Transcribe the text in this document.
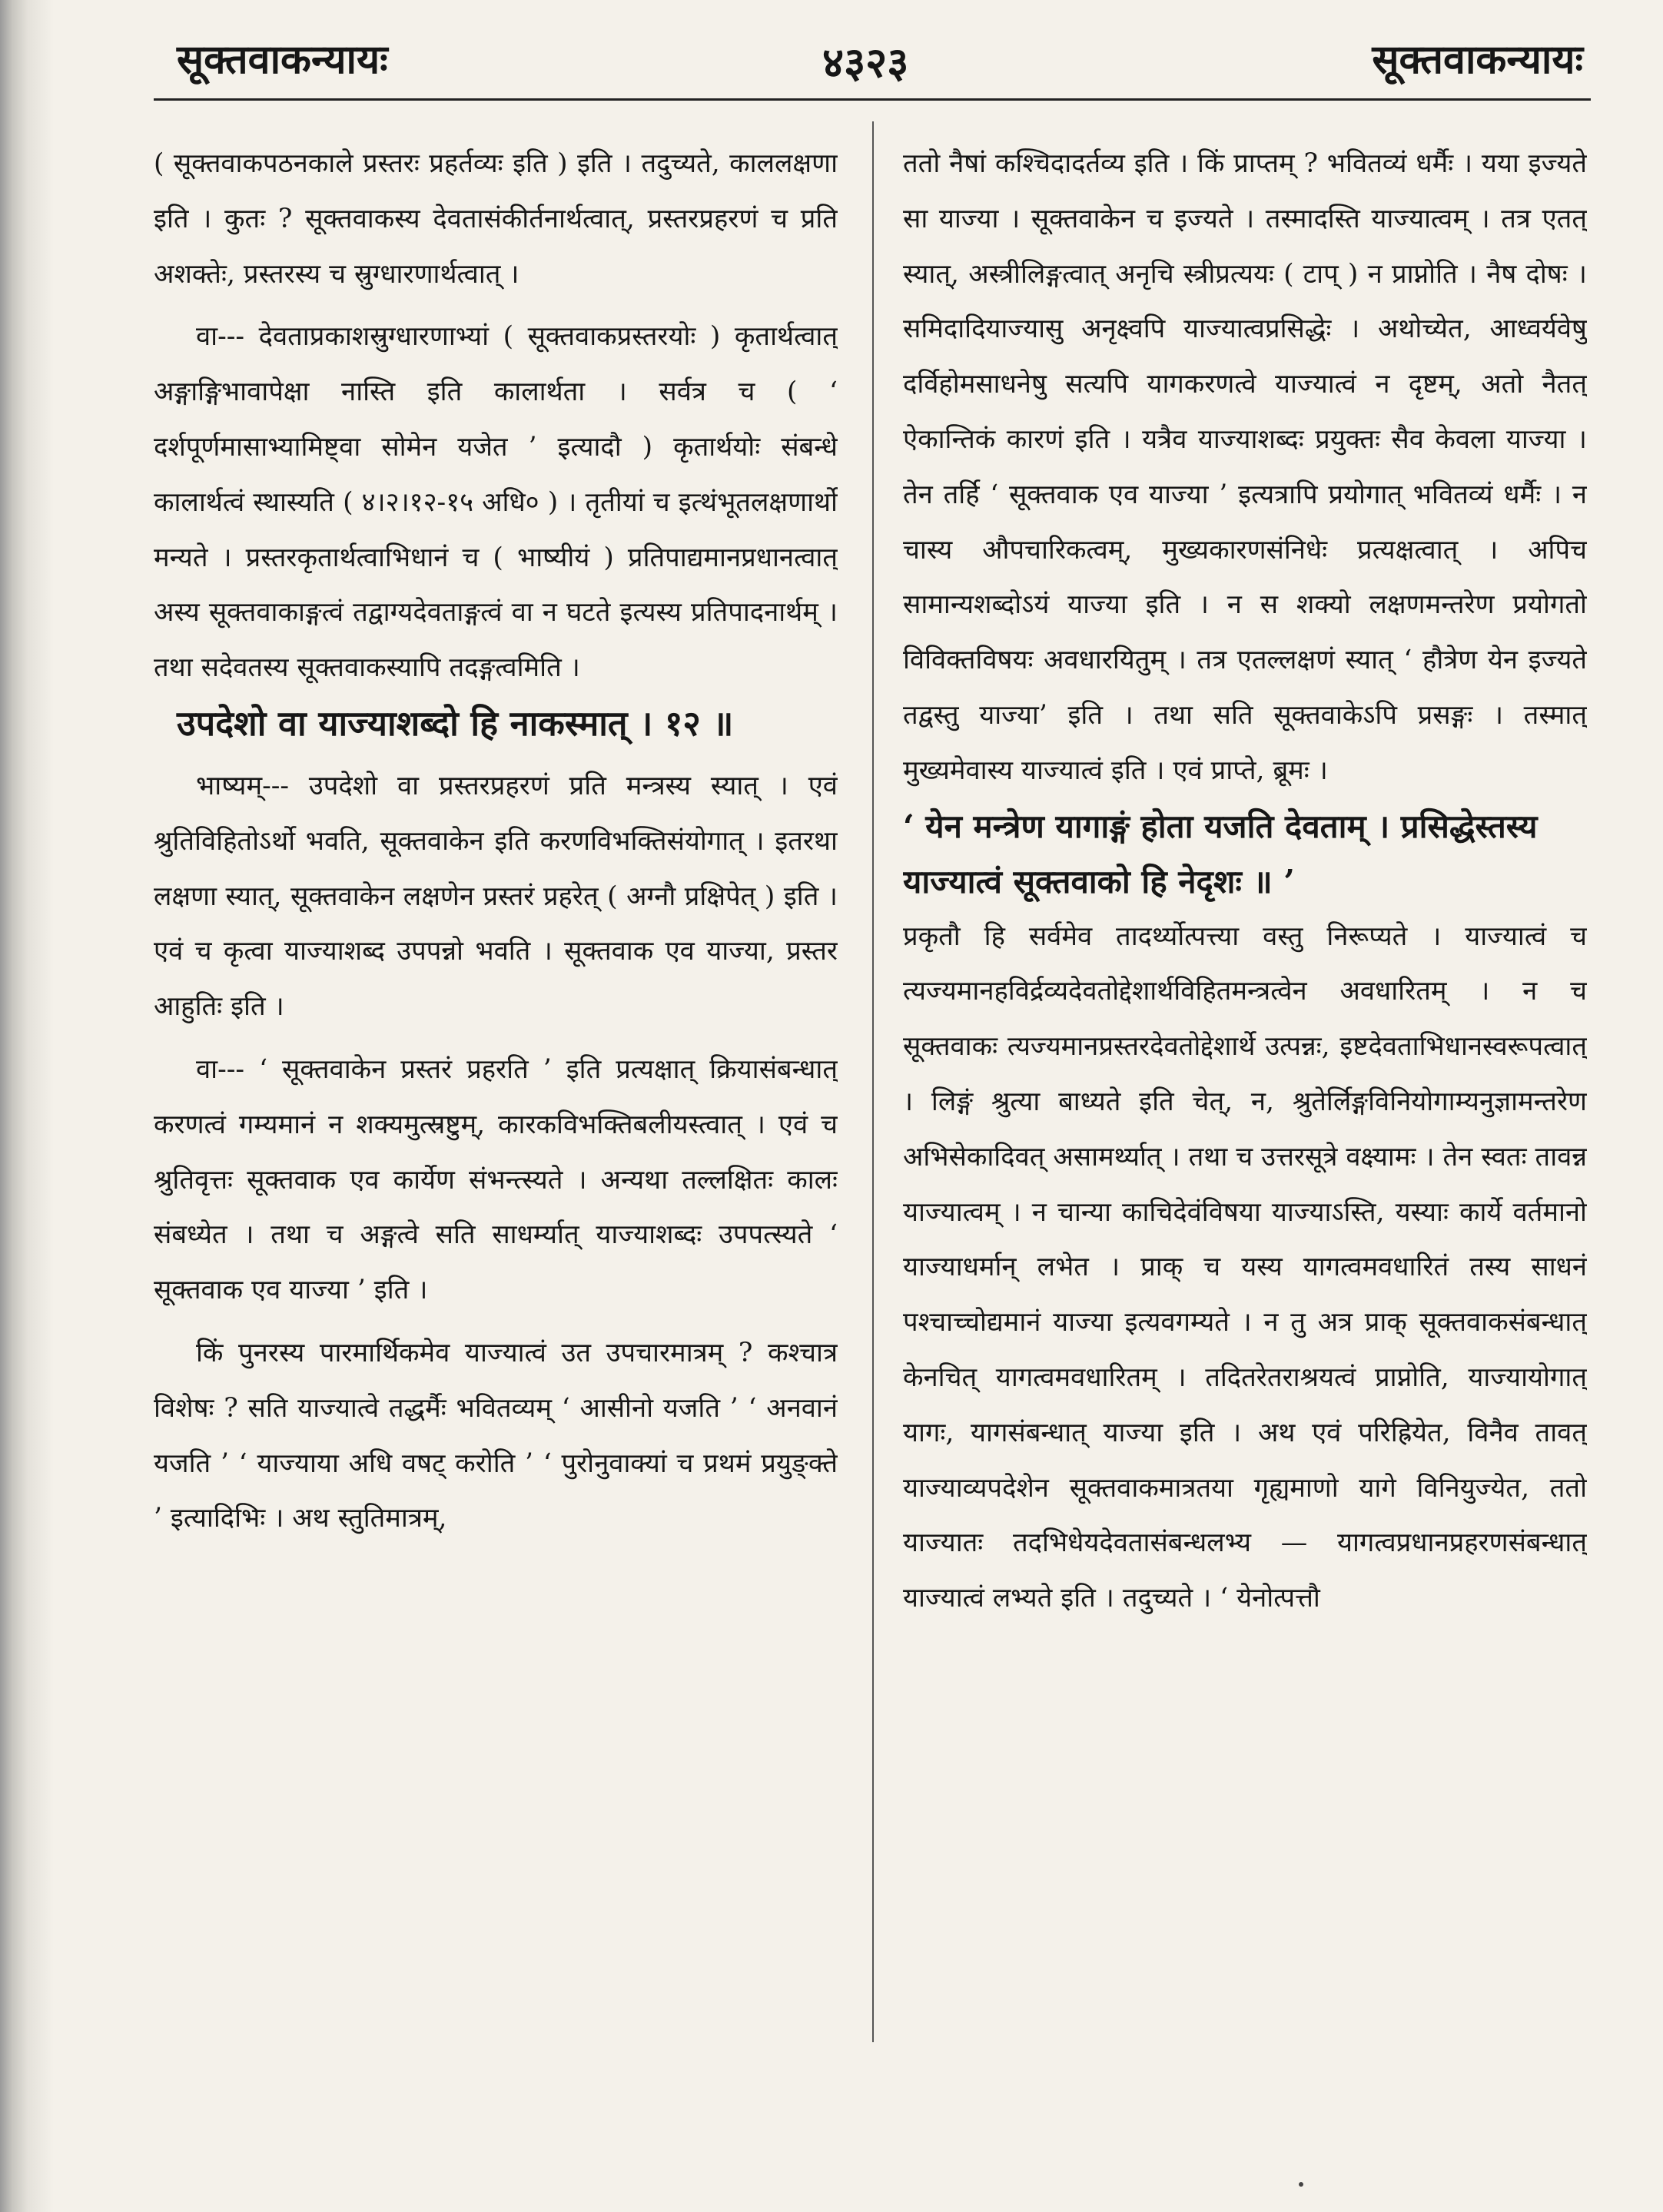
सूक्तवाकन्यायः	४३२३	सूक्तवाकन्यायः

( सूक्तवाकपठनकाले प्रस्तरः प्रहर्तव्यः इति ) इति । तदुच्यते, काललक्षणा इति । कुतः ? सूक्तवाकस्य देवतासंकीर्तनार्थत्वात्, प्रस्तरप्रहरणं च प्रति अशक्तेः, प्रस्तरस्य च स्रुग्धारणार्थत्वात् ।

वा--- देवताप्रकाशस्रुग्धारणाभ्यां ( सूक्तवाकप्रस्तरयोः ) कृतार्थत्वात् अङ्गाङ्गिभावापेक्षा नास्ति इति कालार्थता । सर्वत्र च ( ‘ दर्शपूर्णमासाभ्यामिष्ट्वा सोमेन यजेत ’ इत्यादौ ) कृतार्थयोः संबन्धे कालार्थत्वं स्थास्यति ( ४।२।१२-१५ अधि० ) । तृतीयां च इत्थंभूतलक्षणार्थो मन्यते । प्रस्तरकृतार्थत्वाभिधानं च ( भाष्यीयं ) प्रतिपाद्यमानप्रधानत्वात् अस्य सूक्तवाकाङ्गत्वं तद्वाग्यदेवताङ्गत्वं वा न घटते इत्यस्य प्रतिपादनार्थम् । तथा सदेवतस्य सूक्तवाकस्यापि तदङ्गत्वमिति ।

उपदेशो वा याज्याशब्दो हि नाकस्मात् । १२ ॥

भाष्यम्--- उपदेशो वा प्रस्तरप्रहरणं प्रति मन्त्रस्य स्यात् । एवं श्रुतिविहितोऽर्थो भवति, सूक्तवाकेन इति करणविभक्तिसंयोगात् । इतरथा लक्षणा स्यात्, सूक्तवाकेन लक्षणेन प्रस्तरं प्रहरेत् ( अग्नौ प्रक्षिपेत् ) इति । एवं च कृत्वा याज्याशब्द उपपन्नो भवति । सूक्तवाक एव याज्या, प्रस्तर आहुतिः इति ।

वा--- ‘ सूक्तवाकेन प्रस्तरं प्रहरति ’ इति प्रत्यक्षात् क्रियासंबन्धात् करणत्वं गम्यमानं न शक्यमुत्स्रष्टुम्, कारकविभक्तिबलीयस्त्वात् । एवं च श्रुतिवृत्तः सूक्तवाक एव कार्येण संभन्त्स्यते । अन्यथा तल्लक्षितः कालः संबध्येत । तथा च अङ्गत्वे सति साधर्म्यात् याज्याशब्दः उपपत्स्यते ‘ सूक्तवाक एव याज्या ’ इति ।

किं पुनरस्य पारमार्थिकमेव याज्यात्वं उत उपचारमात्रम् ? कश्चात्र विशेषः ? सति याज्यात्वे तद्धर्मैः भवितव्यम् ‘ आसीनो यजति ’ ‘ अनवानं यजति ’ ‘ याज्याया अधि वषट् करोति ’ ‘ पुरोनुवाक्यां च प्रथमं प्रयुङ्क्ते ’ इत्यादिभिः । अथ स्तुतिमात्रम्,

ततो नैषां कश्चिदादर्तव्य इति । किं प्राप्तम् ? भवितव्यं धर्मैः । यया इज्यते सा याज्या । सूक्तवाकेन च इज्यते । तस्मादस्ति याज्यात्वम् । तत्र एतत् स्यात्, अस्त्रीलिङ्गत्वात् अनृचि स्त्रीप्रत्ययः ( टाप् ) न प्राप्नोति । नैष दोषः । समिदादियाज्यासु अनृक्ष्वपि याज्यात्वप्रसिद्धेः । अथोच्येत, आध्वर्यवेषु दर्विहोमसाधनेषु सत्यपि यागकरणत्वे याज्यात्वं न दृष्टम्, अतो नैतत् ऐकान्तिकं कारणं इति । यत्रैव याज्याशब्दः प्रयुक्तः सैव केवला याज्या । तेन तर्हि ‘ सूक्तवाक एव याज्या ’ इत्यत्रापि प्रयोगात् भवितव्यं धर्मैः । न चास्य औपचारिकत्वम्, मुख्यकारणसंनिधेः प्रत्यक्षत्वात् । अपिच सामान्यशब्दोऽयं याज्या इति । न स शक्यो लक्षणमन्तरेण प्रयोगतो विविक्तविषयः अवधारयितुम् । तत्र एतल्लक्षणं स्यात् ‘ हौत्रेण येन इज्यते तद्वस्तु याज्या’ इति । तथा सति सूक्तवाकेऽपि प्रसङ्गः । तस्मात् मुख्यमेवास्य याज्यात्वं इति । एवं प्राप्ते, ब्रूमः ।

‘ येन मन्त्रेण यागाङ्गं होता यजति देवताम् । प्रसिद्धेस्तस्य याज्यात्वं सूक्तवाको हि नेदृशः ॥ ’

प्रकृतौ हि सर्वमेव तादर्थ्योत्पत्त्या वस्तु निरूप्यते । याज्यात्वं च त्यज्यमानहविर्द्रव्यदेवतोद्देशार्थविहितमन्त्रत्वेन अवधारितम् । न च सूक्तवाकः त्यज्यमानप्रस्तरदेवतोद्देशार्थे उत्पन्नः, इष्टदेवताभिधानस्वरूपत्वात् । लिङ्गं श्रुत्या बाध्यते इति चेत्, न, श्रुतेर्लिङ्गविनियोगाम्यनुज्ञामन्तरेण अभिसेकादिवत् असामर्थ्यात् । तथा च उत्तरसूत्रे वक्ष्यामः । तेन स्वतः तावन्न याज्यात्वम् । न चान्या काचिदेवंविषया याज्याऽस्ति, यस्याः कार्ये वर्तमानो याज्याधर्मान् लभेत । प्राक् च यस्य यागत्वमवधारितं तस्य साधनं पश्चाच्चोद्यमानं याज्या इत्यवगम्यते । न तु अत्र प्राक् सूक्तवाकसंबन्धात् केनचित् यागत्वमवधारितम् । तदितरेतराश्रयत्वं प्राप्नोति, याज्यायोगात् यागः, यागसंबन्धात् याज्या इति । अथ एवं परिह्रियेत, विनैव तावत् याज्याव्यपदेशेन सूक्तवाकमात्रतया गृह्यमाणो यागे विनियुज्येत, ततो याज्यातः तदभिधेयदेवतासंबन्धलभ्य — यागत्वप्रधानप्रहरणसंबन्धात् याज्यात्वं लभ्यते इति । तदुच्यते । ‘ येनोत्पत्तौ
